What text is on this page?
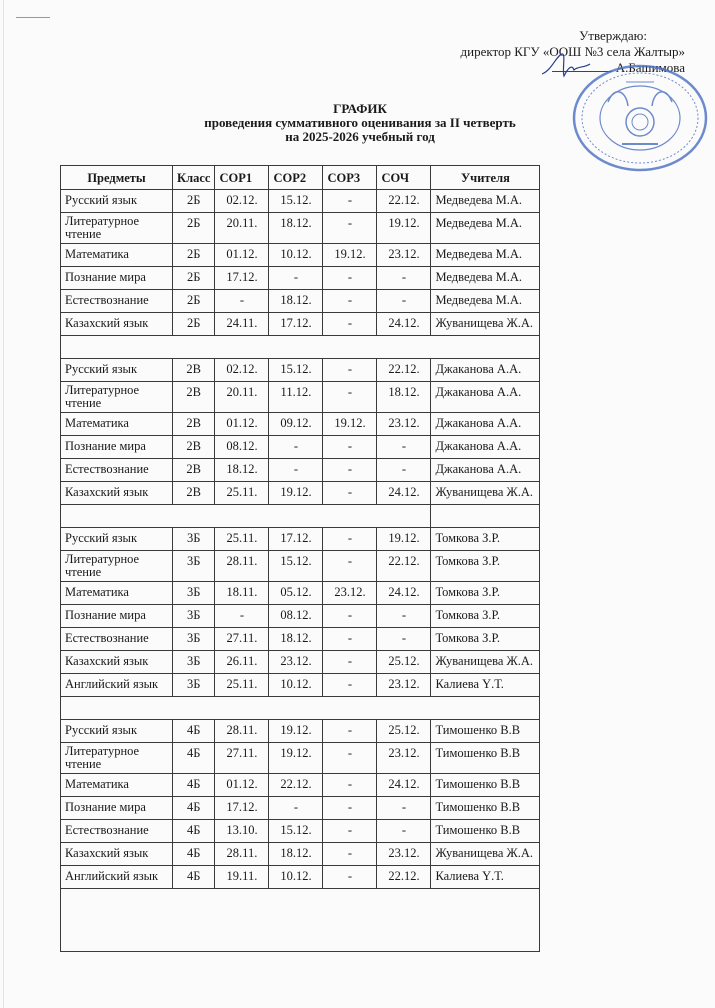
Утверждаю:
директор КГУ «ООШ №3 села Жалтыр»
А.Башимова
ГРАФИК
проведения суммативного оценивания за II четверть
на 2025-2026 учебный год
Предметы	Класс	СОР1	СОР2	СОР3	СОЧ	Учителя
Русский язык	2Б	02.12.	15.12.	-	22.12.	Медведева М.А.
Литературное чтение	2Б	20.11.	18.12.	-	19.12.	Медведева М.А.
Математика	2Б	01.12.	10.12.	19.12.	23.12.	Медведева М.А.
Познание мира	2Б	17.12.	-	-	-	Медведева М.А.
Естествознание	2Б	-	18.12.	-	-	Медведева М.А.
Казахский язык	2Б	24.11.	17.12.	-	24.12.	Жуванищева Ж.А.

Русский язык	2В	02.12.	15.12.	-	22.12.	Джаканова А.А.
Литературное чтение	2В	20.11.	11.12.	-	18.12.	Джаканова А.А.
Математика	2В	01.12.	09.12.	19.12.	23.12.	Джаканова А.А.
Познание мира	2В	08.12.	-	-	-	Джаканова А.А.
Естествознание	2В	18.12.	-	-	-	Джаканова А.А.
Казахский язык	2В	25.11.	19.12.	-	24.12.	Жуванищева Ж.А.

Русский язык	3Б	25.11.	17.12.	-	19.12.	Томкова З.Р.
Литературное чтение	3Б	28.11.	15.12.	-	22.12.	Томкова З.Р.
Математика	3Б	18.11.	05.12.	23.12.	24.12.	Томкова З.Р.
Познание мира	3Б	-	08.12.	-	-	Томкова З.Р.
Естествознание	3Б	27.11.	18.12.	-	-	Томкова З.Р.
Казахский язык	3Б	26.11.	23.12.	-	25.12.	Жуванищева Ж.А.
Английский язык	3Б	25.11.	10.12.	-	23.12.	Калиева Ү.Т.

Русский язык	4Б	28.11.	19.12.	-	25.12.	Тимошенко В.В
Литературное чтение	4Б	27.11.	19.12.	-	23.12.	Тимошенко В.В
Математика	4Б	01.12.	22.12.	-	24.12.	Тимошенко В.В
Познание мира	4Б	17.12.	-	-	-	Тимошенко В.В
Естествознание	4Б	13.10.	15.12.	-	-	Тимошенко В.В
Казахский язык	4Б	28.11.	18.12.	-	23.12.	Жуванищева Ж.А.
Английский язык	4Б	19.11.	10.12.	-	22.12.	Калиева Ү.Т.
